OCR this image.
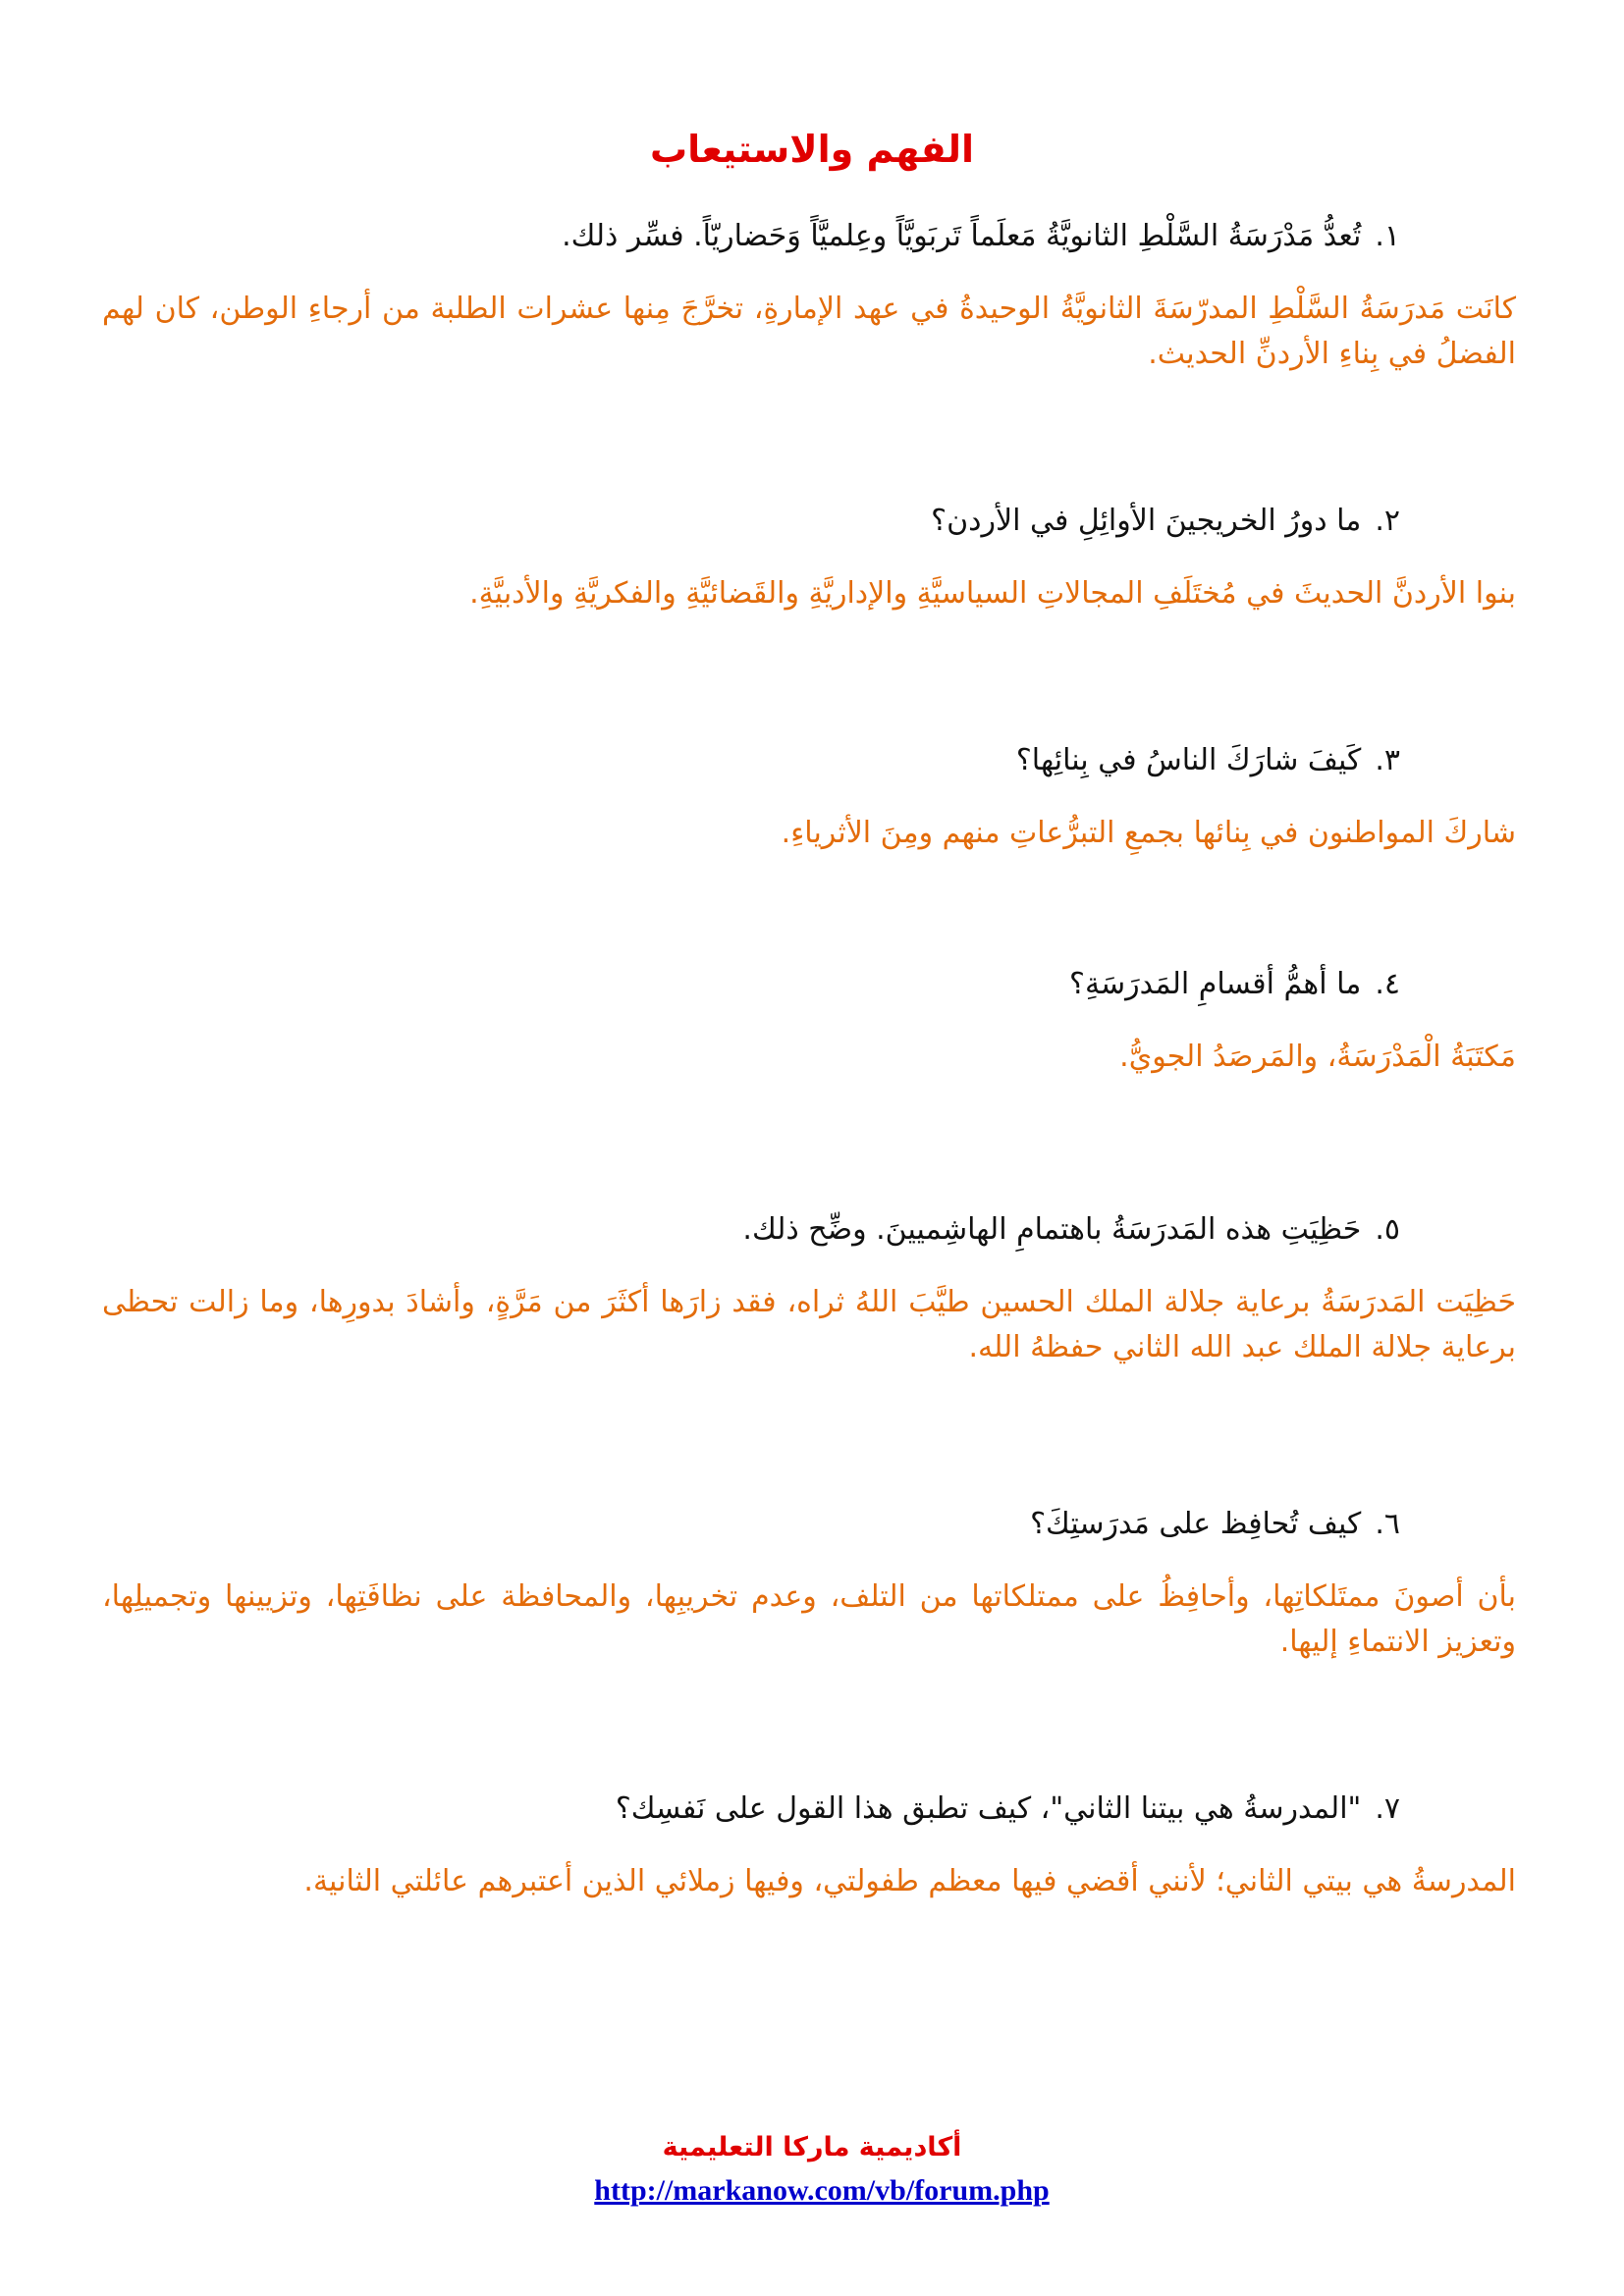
الفهم والاستيعاب
١.تُعدُّ مَدْرَسَةُ السَّلْطِ الثانويَّةُ مَعلَماً تَربَويَّاً وعِلميَّاً وَحَضاريّاً. فسِّر ذلك.
كانَت مَدرَسَةُ السَّلْطِ المدرّسَةَ الثانويَّةُ الوحيدةُ في عهد الإمارةِ، تخرَّجَ مِنها عشرات الطلبة من أرجاءِ الوطن، كان لهم الفضلُ في بِناءِ الأردنِّ الحديث.
٢.ما دورُ الخريجينَ الأوائِلِ في الأردن؟
بنوا الأردنَّ الحديثَ في مُختَلَفِ المجالاتِ السياسيَّةِ والإداريَّةِ والقَضائيَّةِ والفكريَّةِ والأدبيَّةِ.
٣.كَيفَ شارَكَ الناسُ في بِنائِها؟
شاركَ المواطنون في بِنائها بجمعِ التبرُّعاتِ منهم ومِنَ الأثرياءِ.
٤.ما أهمُّ أقسامِ المَدرَسَةِ؟
مَكتَبَةُ الْمَدْرَسَةُ، والمَرصَدُ الجويُّ.
٥.حَظِيَتِ هذه المَدرَسَةُ باهتمامِ الهاشِميينَ. وضِّح ذلك.
حَظِيَت المَدرَسَةُ برعاية جلالة الملك الحسين طيَّبَ اللهُ ثراه، فقد زارَها أكثَرَ من مَرَّةٍ، وأشادَ بدورِها، وما زالت تحظى برعاية جلالة الملك عبد الله الثاني حفظهُ الله.
٦.كيف تُحافِظ على مَدرَستِكَ؟
بأن أصونَ ممتَلكاتِها، وأحافِظُ على ممتلكاتها من التلف، وعدم تخريبِها، والمحافظة على نظافَتِها، وتزيينها وتجميلِها، وتعزيز الانتماءِ إليها.
٧."المدرسةُ هي بيتنا الثاني"، كيف تطبق هذا القول على نَفسِك؟
المدرسةُ هي بيتي الثاني؛ لأنني أقضي فيها معظم طفولتي، وفيها زملائي الذين أعتبرهم عائلتي الثانية.
أكاديمية ماركا التعليمية
http://markanow.com/vb/forum.php
